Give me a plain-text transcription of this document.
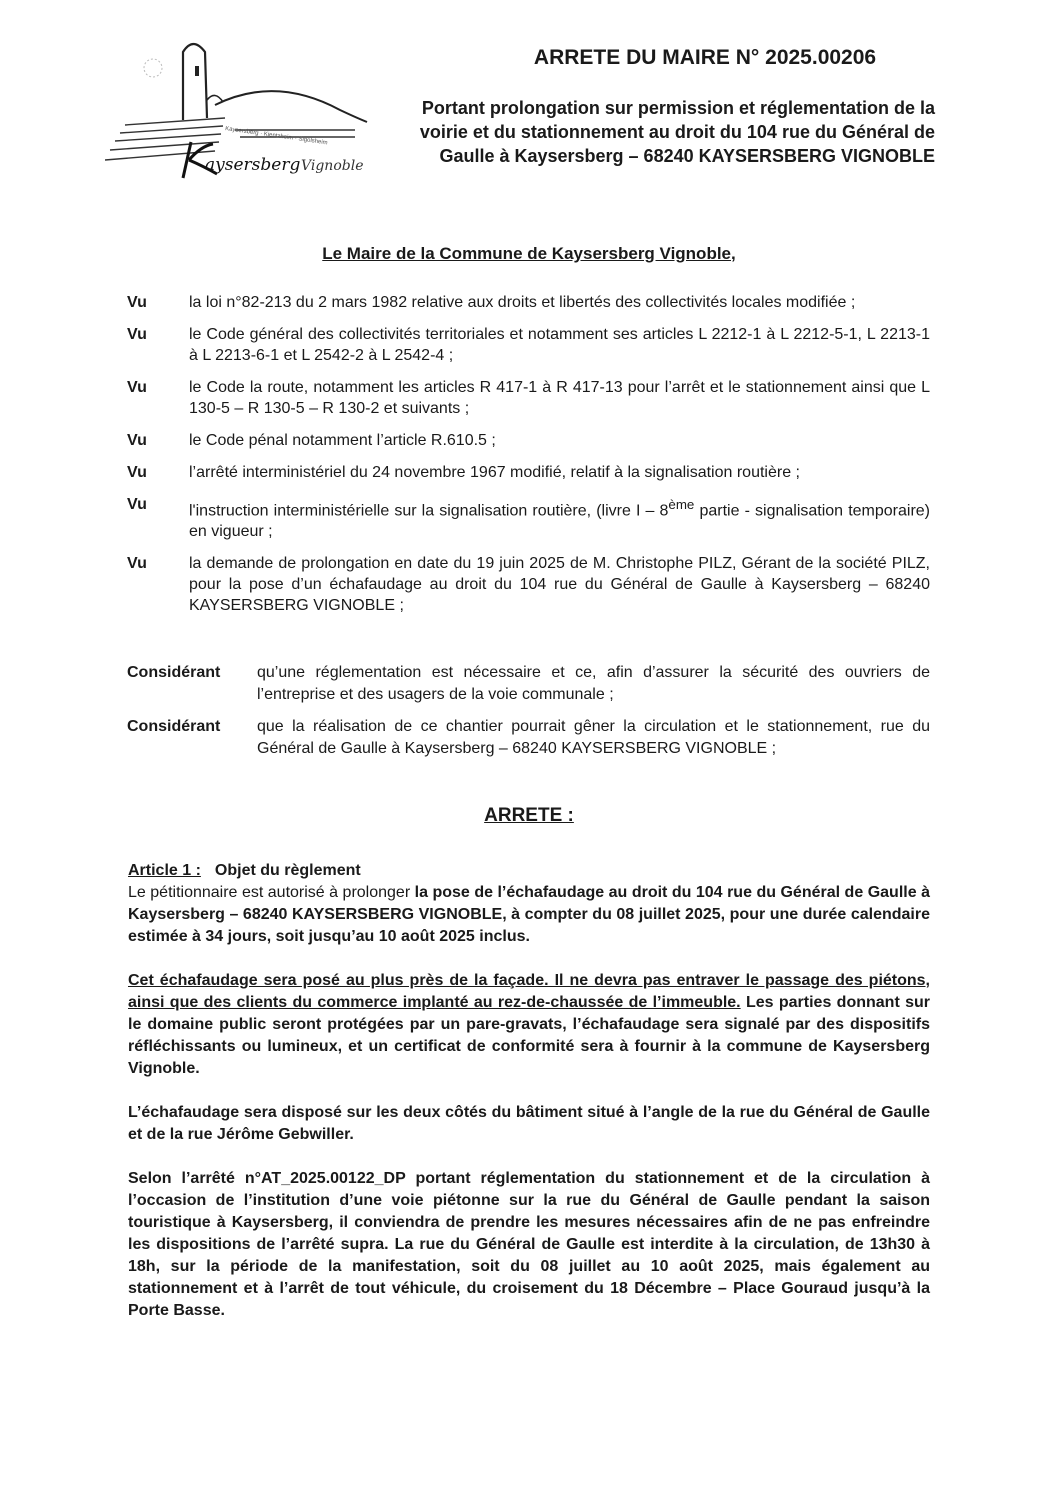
aysersberg Vignoble
Kaysersberg · Kientzheim · Sigolsheim
ARRETE DU MAIRE N° 2025.00206
Portant prolongation sur permission et réglementation de la
voirie et du stationnement au droit du 104 rue du Général de
Gaulle à Kaysersberg – 68240 KAYSERSBERG VIGNOBLE
Le Maire de la Commune de Kaysersberg Vignoble,
Vu	la loi n°82-213 du 2 mars 1982 relative aux droits et libertés des collectivités locales modifiée ;
Vu	le Code général des collectivités territoriales et notamment ses articles L 2212-1 à L 2212-5-1, L 2213-1 à L 2213-6-1 et L 2542-2 à L 2542-4 ;
Vu	le Code la route, notamment les articles R 417-1 à R 417-13 pour l’arrêt et le stationnement ainsi que L 130-5 – R 130-5 – R 130-2 et suivants ;
Vu	le Code pénal notamment l’article R.610.5 ;
Vu	l’arrêté interministériel du 24 novembre 1967 modifié, relatif à la signalisation routière ;
Vu	l'instruction interministérielle sur la signalisation routière, (livre I – 8ème partie - signalisation temporaire) en vigueur ;
Vu	la demande de prolongation en date du 19 juin 2025 de M. Christophe PILZ, Gérant de la société PILZ, pour la pose d’un échafaudage au droit du 104 rue du Général de Gaulle à Kaysersberg – 68240 KAYSERSBERG VIGNOBLE ;
Considérant qu’une réglementation est nécessaire et ce, afin d’assurer la sécurité des ouvriers de l’entreprise et des usagers de la voie communale ;
Considérant que la réalisation de ce chantier pourrait gêner la circulation et le stationnement, rue du Général de Gaulle à Kaysersberg – 68240 KAYSERSBERG VIGNOBLE ;
ARRETE :
Article 1 : Objet du règlement

Le pétitionnaire est autorisé à prolonger la pose de l’échafaudage au droit du 104 rue du Général de Gaulle à Kaysersberg – 68240 KAYSERSBERG VIGNOBLE, à compter du 08 juillet 2025, pour une durée calendaire estimée à 34 jours, soit jusqu’au 10 août 2025 inclus.

Cet échafaudage sera posé au plus près de la façade. Il ne devra pas entraver le passage des piétons, ainsi que des clients du commerce implanté au rez-de-chaussée de l’immeuble. Les parties donnant sur le domaine public seront protégées par un pare-gravats, l’échafaudage sera signalé par des dispositifs réfléchissants ou lumineux, et un certificat de conformité sera à fournir à la commune de Kaysersberg Vignoble.

L’échafaudage sera disposé sur les deux côtés du bâtiment situé à l’angle de la rue du Général de Gaulle et de la rue Jérôme Gebwiller.

Selon l’arrêté n°AT_2025.00122_DP portant réglementation du stationnement et de la circulation à l’occasion de l’institution d’une voie piétonne sur la rue du Général de Gaulle pendant la saison touristique à Kaysersberg, il conviendra de prendre les mesures nécessaires afin de ne pas enfreindre les dispositions de l’arrêté supra. La rue du Général de Gaulle est interdite à la circulation, de 13h30 à 18h, sur la période de la manifestation, soit du 08 juillet au 10 août 2025, mais également au stationnement et à l’arrêt de tout véhicule, du croisement du 18 Décembre – Place Gouraud jusqu’à la Porte Basse.
